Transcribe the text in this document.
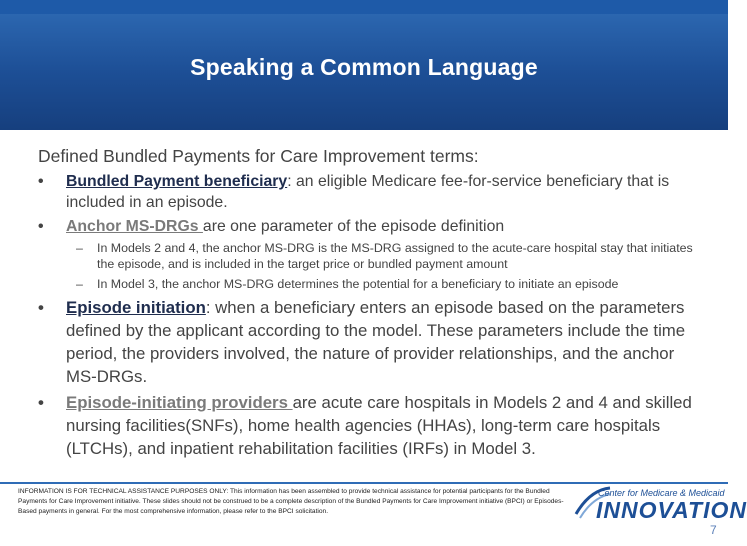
Speaking a Common Language
Defined Bundled Payments for Care Improvement terms:
• Bundled Payment beneficiary: an eligible Medicare fee-for-service beneficiary that is included in an episode.
• Anchor MS-DRGs are one parameter of the episode definition
– In Models 2 and 4, the anchor MS-DRG is the MS-DRG assigned to the acute-care hospital stay that initiates the episode, and is included in the target price or bundled payment amount
– In Model 3, the anchor MS-DRG determines the potential for a beneficiary to initiate an episode
• Episode initiation: when a beneficiary enters an episode based on the parameters defined by the applicant according to the model. These parameters include the time period, the providers involved, the nature of provider relationships, and the anchor MS-DRGs.
• Episode-initiating providers are acute care hospitals in Models 2 and 4 and skilled nursing facilities(SNFs), home health agencies (HHAs), long-term care hospitals (LTCHs), and inpatient rehabilitation facilities (IRFs) in Model 3.
INFORMATION IS FOR TECHNICAL ASSISTANCE PURPOSES ONLY: This information has been assembled to provide technical assistance for potential participants for the Bundled Payments for Care Improvement initiative. These slides should not be construed to be a complete description of the Bundled Payments for Care Improvement initiative (BPCI) or Episodes-Based payments in general. For the most comprehensive information, please refer to the BPCI solicitation.
Center for Medicare & Medicaid
INNOVATION
7
